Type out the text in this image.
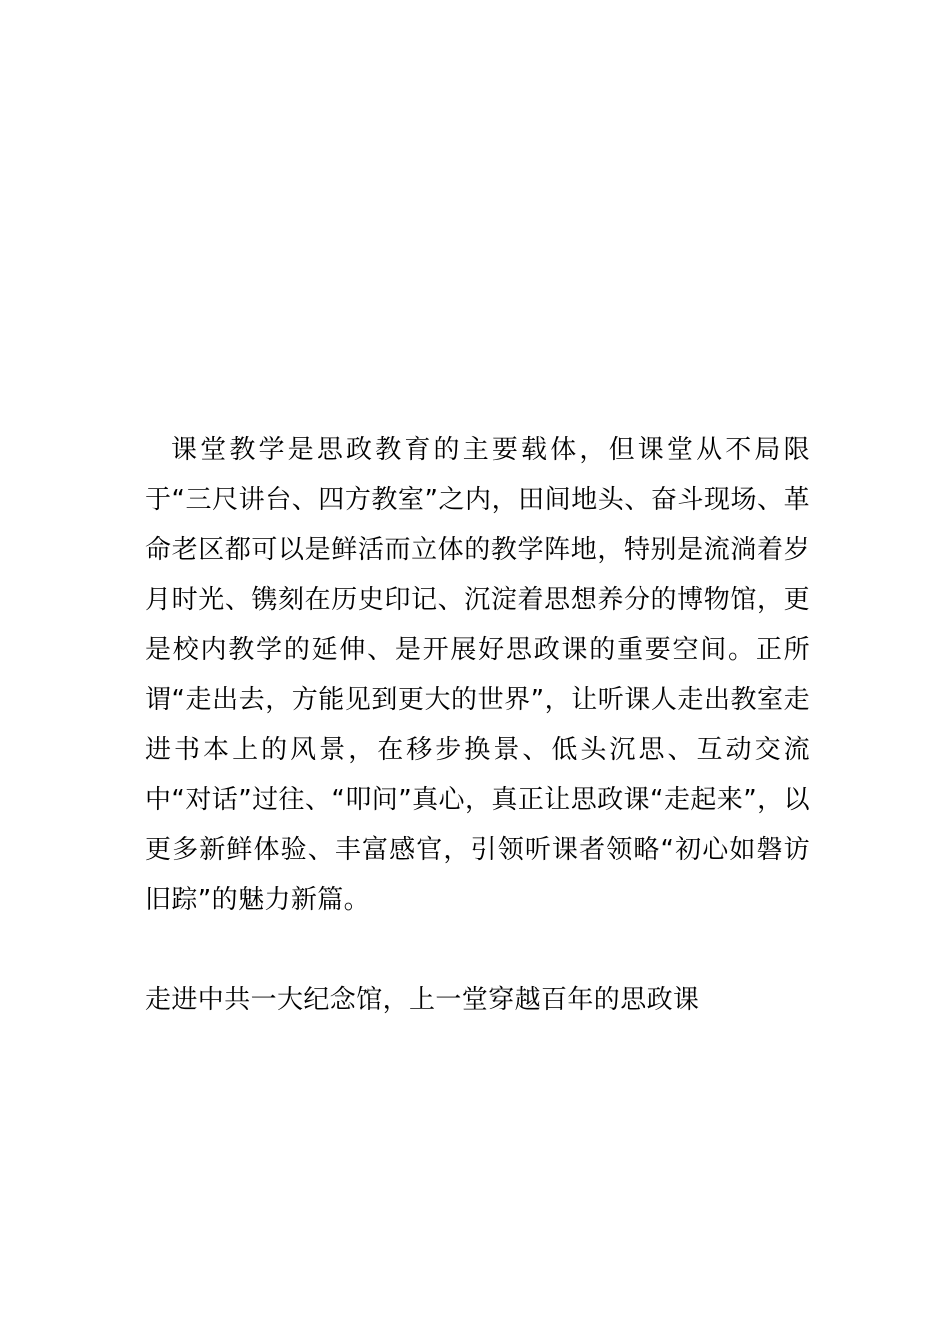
课堂教学是思政教育的主要载体，但课堂从不局限于“三尺讲台、四方教室”之内，田间地头、奋斗现场、革命老区都可以是鲜活而立体的教学阵地，特别是流淌着岁月时光、镌刻在历史印记、沉淀着思想养分的博物馆，更是校内教学的延伸、是开展好思政课的重要空间。正所谓“走出去，方能见到更大的世界”，让听课人走出教室走进书本上的风景，在移步换景、低头沉思、互动交流中“对话”过往、“叩问”真心，真正让思政课“走起来”，以更多新鲜体验、丰富感官，引领听课者领略“初心如磐访旧踪”的魅力新篇。

走进中共一大纪念馆，上一堂穿越百年的思政课
